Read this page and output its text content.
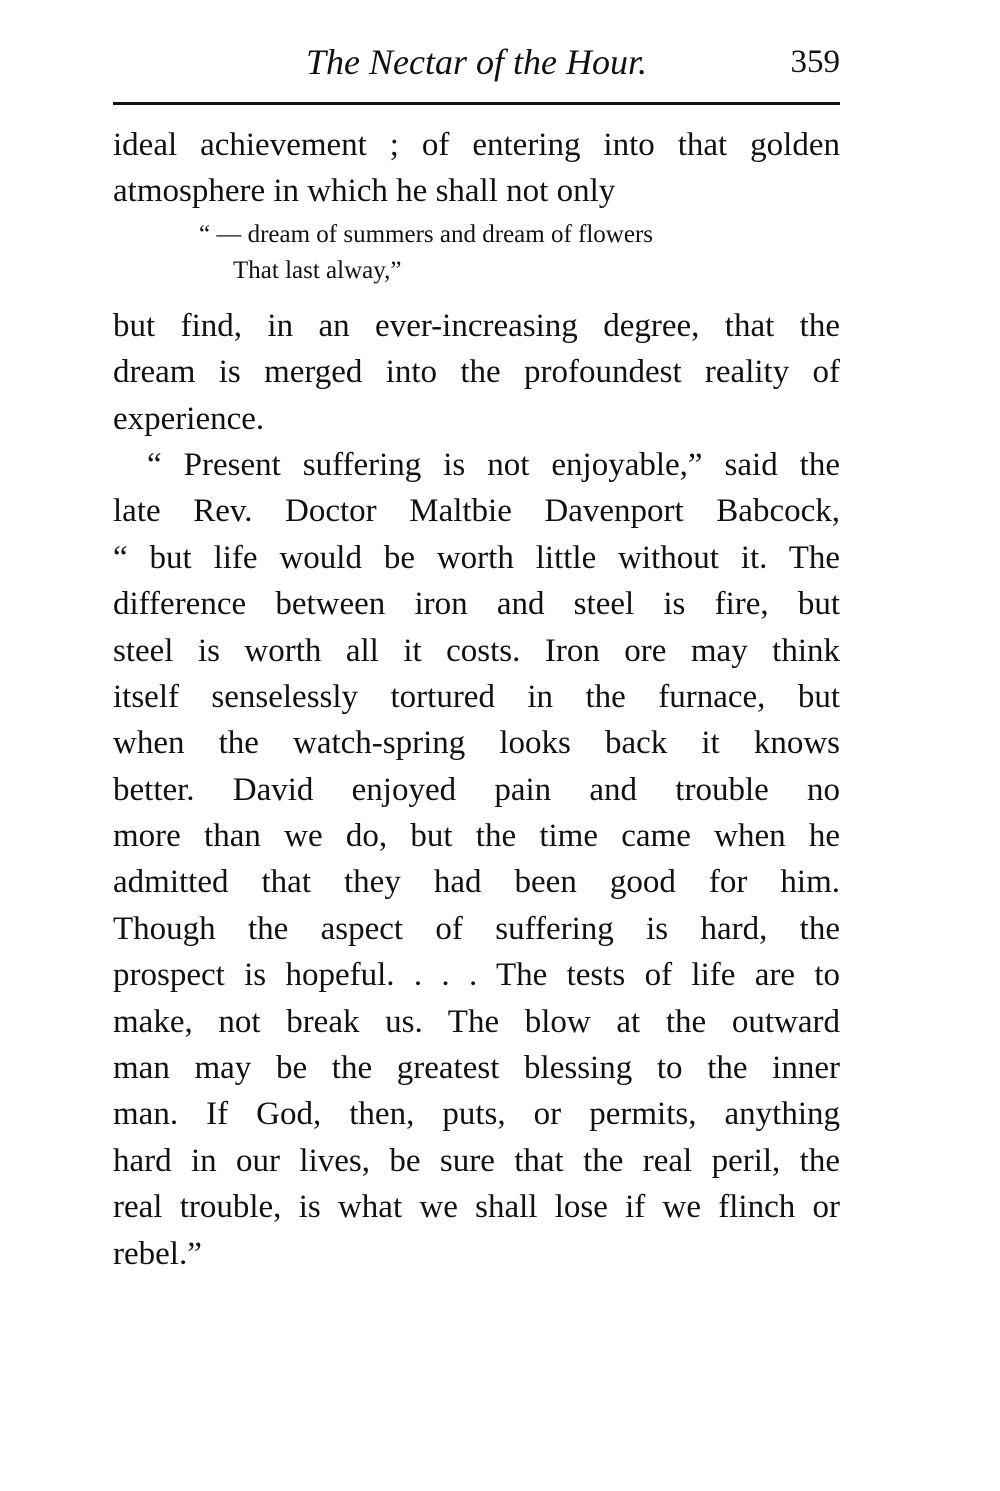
The Nectar of the Hour.	359
ideal achievement ; of entering into that golden
atmosphere in which he shall not only
“ — dream of summers and dream of flowers
That last alway,”
but find, in an ever-increasing degree, that the
dream is merged into the profoundest reality of
experience.
“ Present suffering is not enjoyable,” said the
late Rev. Doctor Maltbie Davenport Babcock,
“ but life would be worth little without it. The
difference between iron and steel is fire, but
steel is worth all it costs. Iron ore may think
itself senselessly tortured in the furnace, but
when the watch-spring looks back it knows
better. David enjoyed pain and trouble no
more than we do, but the time came when he
admitted that they had been good for him.
Though the aspect of suffering is hard, the
prospect is hopeful. . . . The tests of life are to
make, not break us. The blow at the outward
man may be the greatest blessing to the inner
man. If God, then, puts, or permits, anything
hard in our lives, be sure that the real peril, the
real trouble, is what we shall lose if we flinch or
rebel.”
